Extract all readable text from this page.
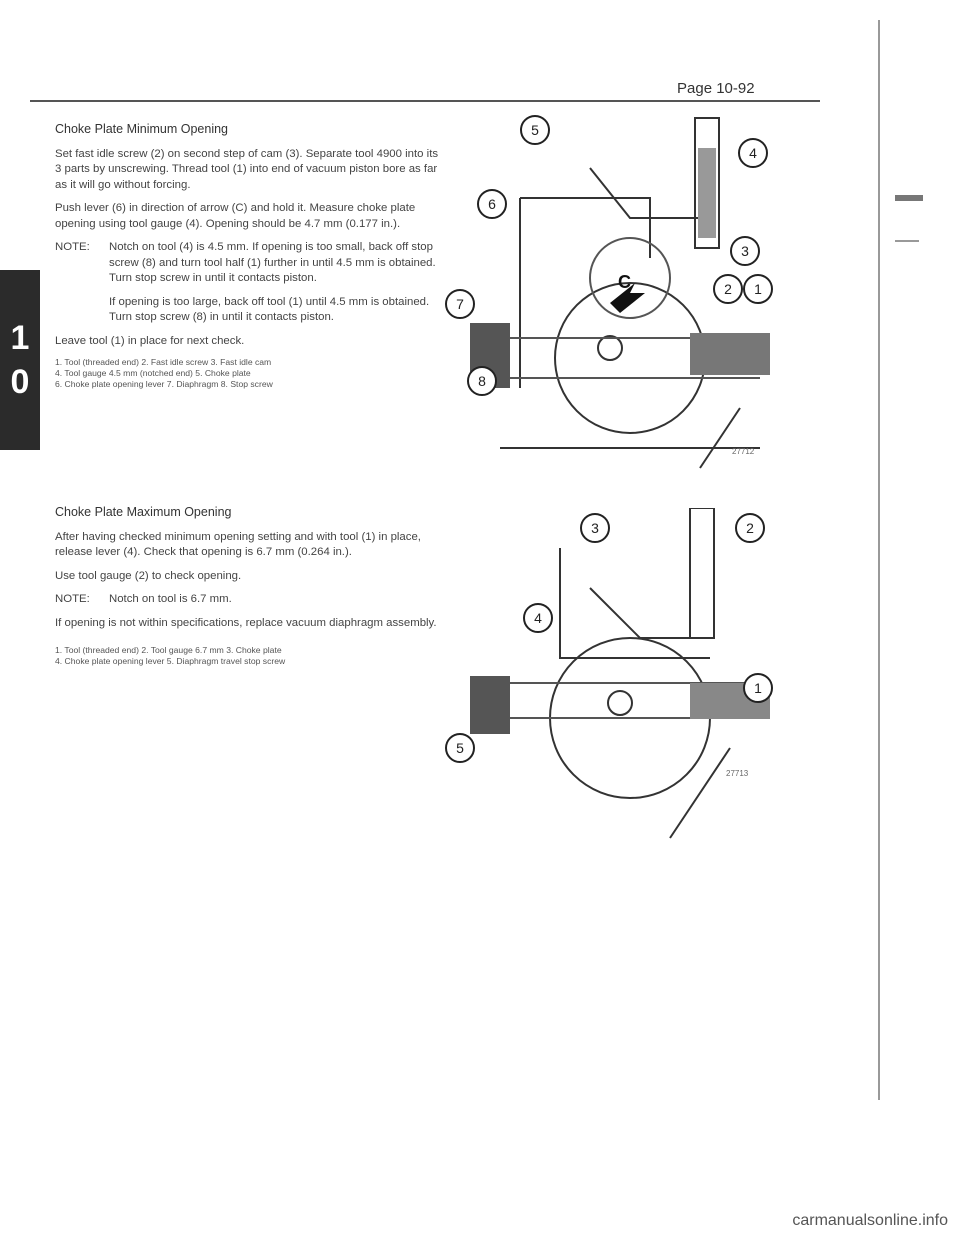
Page 10-92
1
0
Choke Plate Minimum Opening

Set fast idle screw (2) on second step of cam (3). Separate tool 4900 into its 3 parts by unscrewing. Thread tool (1) into end of vacuum piston bore as far as it will go without forcing.

Push lever (6) in direction of arrow (C) and hold it. Measure choke plate opening using tool gauge (4). Opening should be 4.7 mm (0.177 in.).

NOTE:	Notch on tool (4) is 4.5 mm. If opening is too small, back off stop screw (8) and turn tool half (1) further in until 4.5 mm is obtained. Turn stop screw in until it contacts piston.
If opening is too large, back off tool (1) until 4.5 mm is obtained. Turn stop screw (8) in until it contacts piston.

Leave tool (1) in place for next check.

1. Tool (threaded end) 2. Fast idle screw 3. Fast idle cam
4. Tool gauge 4.5 mm (notched end) 5. Choke plate
6. Choke plate opening lever 7. Diaphragm 8. Stop screw
Choke Plate Maximum Opening

After having checked minimum opening setting and with tool (1) in place, release lever (4). Check that opening is 6.7 mm (0.264 in.).

Use tool gauge (2) to check opening.

NOTE:	Notch on tool is 6.7 mm.

If opening is not within specifications, replace vacuum diaphragm assembly.

1. Tool (threaded end) 2. Tool gauge 6.7 mm 3. Choke plate
4. Choke plate opening lever 5. Diaphragm travel stop screw
C
5
4
6
3
2 1
7
8
27712
3	2
4
1
5
27713
carmanualsonline.info
